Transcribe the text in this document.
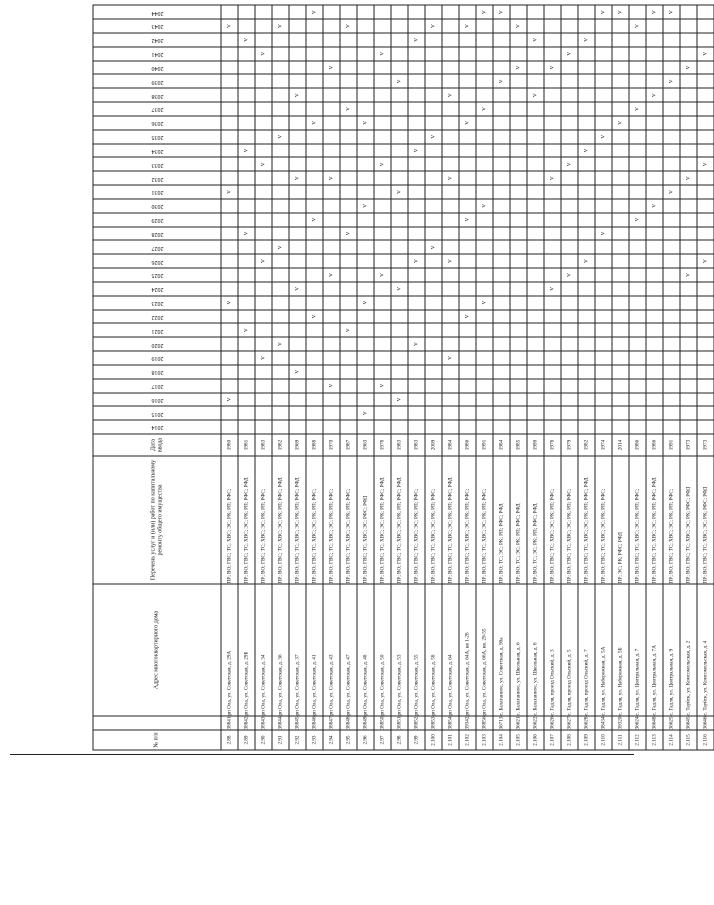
№ п/п		Адрес многоквартирного дома	Перечень услуг и (или) работ по капитальному ремонту общего имущества	Дата ввода	2014	2015	2016	2017	2018	2019	2020	2021	2022	2023	2024	2025	2026	2027	2028	2029	2030	2031	2032	2033	2034	2035	2036	2037	2038	2039	2040	2041	2042	2043	2044
2.88	38841	рп Ола, ул. Советская, д. 29А	ПР; ВО; ГВС; ТС; ХВС; ЭС; РК; РП; РФС;	1980			V							V								V												V	
2.89	38842	рп Ола, ул. Советская, д. 29Б	ПР; ВО; ГВС; ТС; ХВС; ЭС; РК; РП; РФС; РФД	1981								V							V						V								V		
2.90	38843	рп Ола, ул. Советская, д. 34	ПР; ВО; ГВС; ТС; ХВС; ЭС; РК; РП; РФС;	1983						V							V							V								V			
2.91	38844	рп Ола, ул. Советская, д. 36	ПР; ВО; ГВС; ТС; ХВС; ЭС; РК; РП; РФС; РФД	1982							V							V								V								V	
2.92	38845	рп Ола, ул. Советская, д. 37	ПР; ВО; ГВС; ТС; ХВС; ЭС; РК; РП; РФС; РФД	1969					V						V								V						V						
2.93	38846	рп Ола, ул. Советская, д. 41	ПР; ВО; ГВС; ТС; ХВС; ЭС; РК; РП; РФС;	1988									V							V							V								V
2.94	38847	рп Ола, ул. Советская, д. 43	ПР; ВО; ГВС; ТС; ХВС; ЭС; РК; РП; РФС;	1970				V								V							V								V				
2.95	38848	рп Ола, ул. Советская, д. 47	ПР; ВО; ГВС; ТС; ХВС; ЭС; РК; РП; РФС;	1987								V							V									V						V	
2.96	38849	рп Ола, ул. Советская, д. 48	ПР; ВО; ГВС; ТС; ХВС; ЭС; РФС; РФД	1963		V								V							V						V								
2.97	38850	рп Ола, ул. Советская, д. 50	ПР; ВО; ГВС; ТС; ХВС; ЭС; РК; РП; РФС; РФД	1978				V								V								V								V			
2.98	38851	рп Ола, ул. Советская, д. 53	ПР; ВО; ГВС; ТС; ХВС; ЭС; РК; РП; РФС; РФД	1983			V								V							V								V					
2.99	38852	рп Ола, ул. Советская, д. 55	ПР; ВО; ГВС; ТС; ХВС; ЭС; РК; РП; РФС;	1983							V						V								V								V		
2.100	38853	рп Ола, ул. Советская, д. 58	ПР; ВО; ГВС; ТС; ХВС; ЭС; РК; РП; РФС;	2009														V								V								V	
2.101	38854	рп Ола, ул. Советская, д. 64	ПР; ВО; ГВС; ТС; ХВС; ЭС; РК; РП; РФС; РФД	1984						V							V						V						V						
2.102	39342	рп Ола, ул. Советская, д. 64А, кв 1-28	ПР; ВО; ГВС; ТС; ХВС; ЭС; РК; РП; РФС;	1986									V							V							V							V	
2.103	38856	рп Ола, ул. Советская, д. 66А, кв. 29-55	ПР; ВО; ГВС; ТС; ХВС; ЭС; РК; РП; РФС;	1991										V							V							V							V
2.104	36713	с. Балаганное, ул. Советская, д. 90а	ПР; ВО; ТС; ЭС; РК; РП; РФС; РФД	1984																										V					V
2.105	36621	с. Балаганное, ул. Школьная, д. 6	ПР; ВО; ТС; ЭС; РК; РП; РФС; РФД	1985																											V			V	
2.106	36622	с. Балаганное, ул. Школьная, д. 8	ПР; ВО; ТС; ЭС; РК; РП; РФС; РФД	1990																									V				V		
2.107	36626	с. Гадля, проезд Ольский, д. 3	ПР; ВО; ГВС; ТС; ХВС; ЭС; РК; РП; РФС;	1978											V								V								V				
2.108	36627	с. Гадля, проезд Ольский, д. 5	ПР; ВО; ГВС; ТС; ХВС; ЭС; РК; РП; РФС;	1979												V								V								V			
2.109	36628	с. Гадля, проезд Ольский, д. 7	ПР; ВО; ГВС; ТС; ХВС; ЭС; РК; РП; РФС; РФД	1982													V								V								V		
2.110	38434	с. Гадля, ул. Набережная, д. 5А	ПР; ВО; ГВС; ТС; ХВС; ЭС; РК; РП; РФС;	1974															V							V									V
2.111	39320	с. Гадля, ул. Набережная, д. 5Б	ПР; ЭС; РК; РФС; РФД	2014																							V								V
2.112	36624	с. Гадля, ул. Центральная, д. 7	ПР; ВО; ГВС; ТС; ХВС; ЭС; РК; РП; РФС;	1986																V								V						V	
2.113	36648	с. Гадля, ул. Центральная, д. 7А	ПР; ВО; ГВС; ТС; ХВС; ЭС; РК; РП; РФС; РФД	1986																	V								V						V
2.114	36625	с. Гадля, ул. Центральная, д. 9	ПР; ВО; ГВС; ТС; ХВС; ЭС; РК; РП; РФС;	1991																		V								V					V
2.115	36645	с. Тауйск, ул. Комсомольская, д. 2	ПР; ВО; ГВС; ТС; ХВС; ЭС; РК; РФС; РФД	1973												V							V								V				
2.116	36646	с. Тауйск, ул. Комсомольская, д. 4	ПР; ВО; ГВС; ТС; ХВС; ЭС; РК; РФС; РФД	1973													V							V								V			
